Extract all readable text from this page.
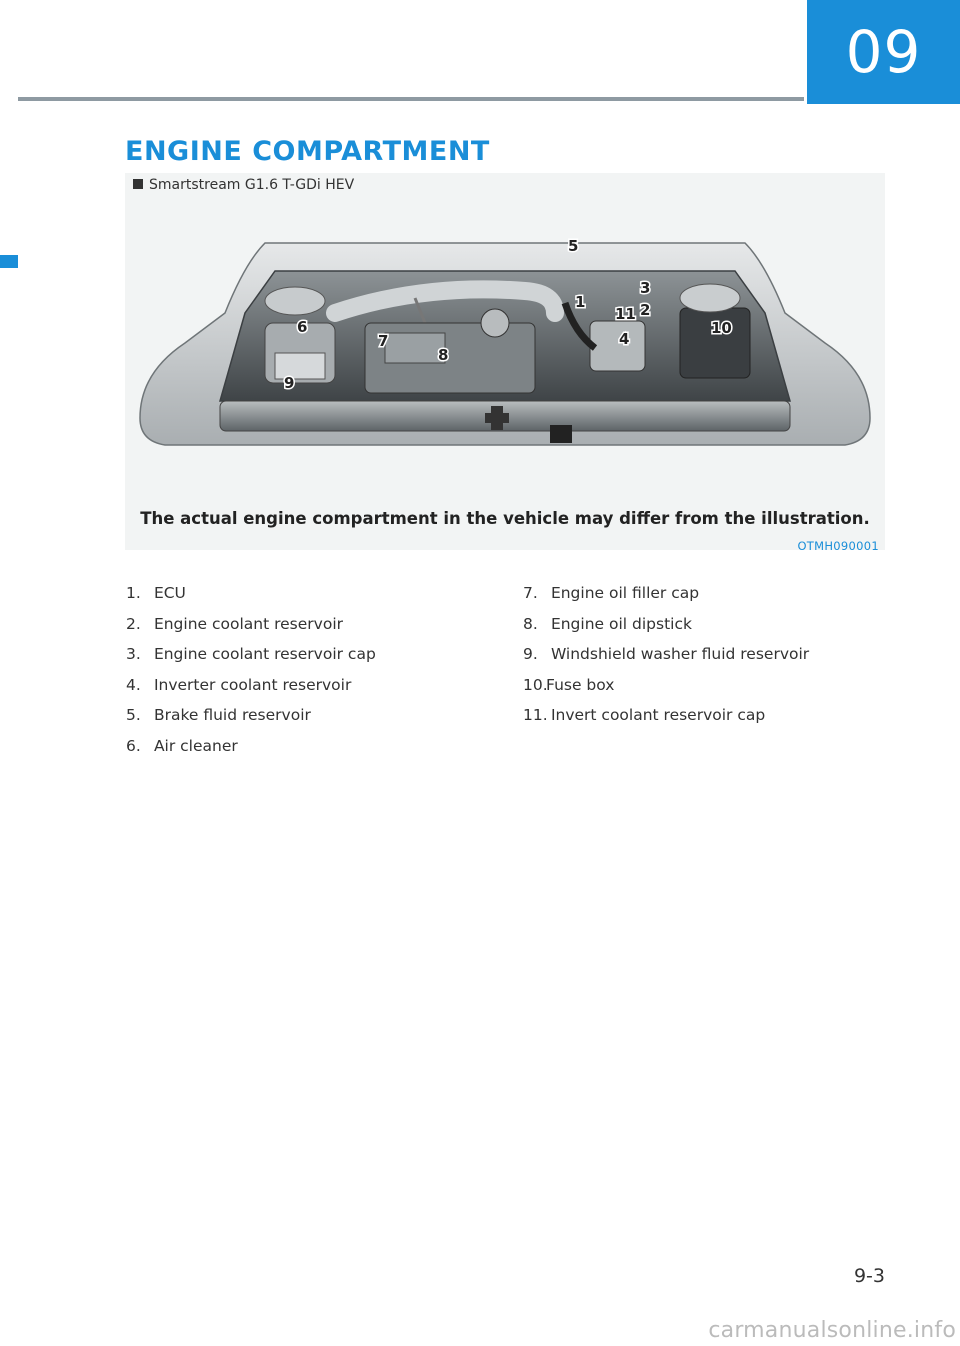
09
ENGINE COMPARTMENT
1	2
3
4
5
6
7
8
9
10
11
Smartstream G1.6 T-GDi HEV
The actual engine compartment in the vehicle may differ from the illustration.
OTMH090001
1. ECU
2. Engine coolant reservoir
3. Engine coolant reservoir cap
4. Inverter coolant reservoir
5. Brake fluid reservoir
6. Air cleaner
7. Engine oil filler cap
8. Engine oil dipstick
9. Windshield washer fluid reservoir
10.Fuse box
11. Invert coolant reservoir cap
9-3
carmanualsonline.info
